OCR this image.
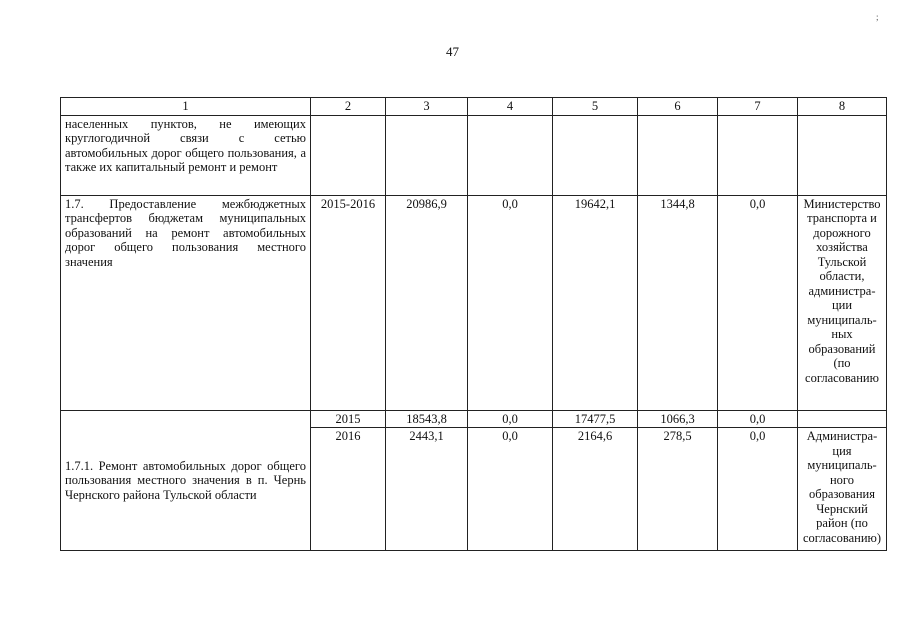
47
;
1	2	3	4	5	6	7	8
населенных пунктов, не имеющих круглогодичной связи с сетью автомобильных дорог общего пользования, а также их капитальный ремонт и ремонт							
1.7. Предоставление межбюджетных трансфертов бюджетам муниципальных образований на ремонт автомобильных дорог общего пользования местного значения	2015-2016	20986,9	0,0	19642,1	1344,8	0,0	Министерство транспорта и дорожного хозяйства Тульской области, администра-ции муниципаль-ных образований (по согласованию
1.7.1. Ремонт автомобильных дорог общего пользования местного значения в п. Чернь Чернского района Тульской области	2015	18543,8	0,0	17477,5	1066,3	0,0	
	2016	2443,1	0,0	2164,6	278,5	0,0	Администра-ция муниципаль-ного образования Чернский район (по согласованию)
